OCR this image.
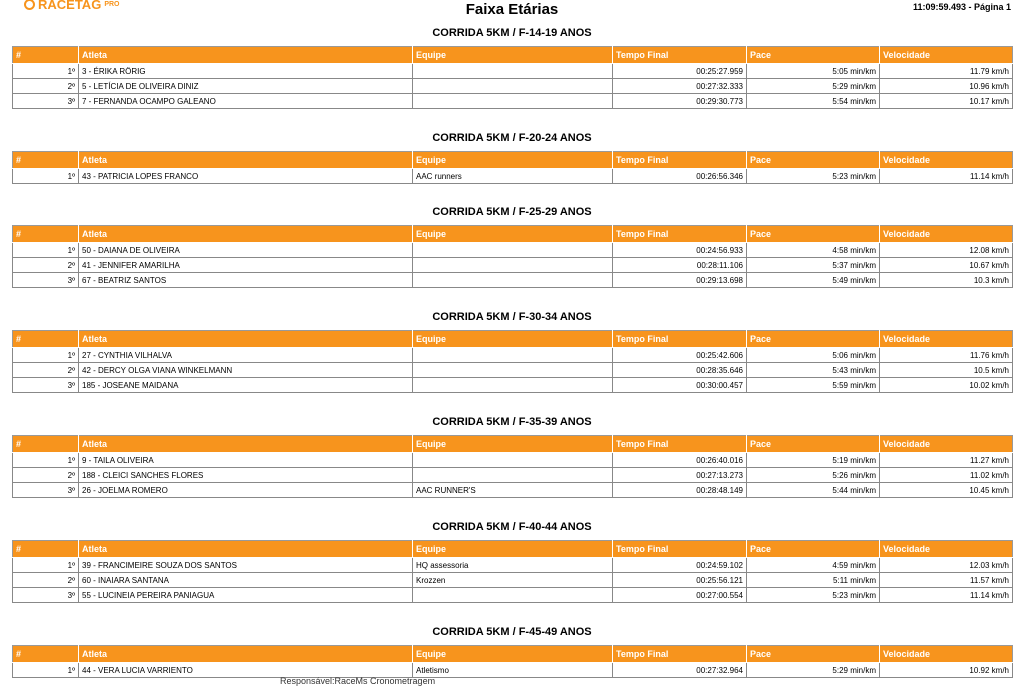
RACETAG PRO	Faixa Etárias	11:09:59.493 - Página 1
CORRIDA 5KM / F-14-19 ANOS
#	Atleta	Equipe	Tempo Final	Pace	Velocidade
1º	3 - ÉRIKA RÖRIG		00:25:27.959	5:05 min/km	11.79 km/h
2º	5 - LETÍCIA DE OLIVEIRA DINIZ		00:27:32.333	5:29 min/km	10.96 km/h
3º	7 - FERNANDA OCAMPO GALEANO		00:29:30.773	5:54 min/km	10.17 km/h
CORRIDA 5KM / F-20-24 ANOS
#	Atleta	Equipe	Tempo Final	Pace	Velocidade
1º	43 - PATRICIA LOPES FRANCO	AAC runners	00:26:56.346	5:23 min/km	11.14 km/h
CORRIDA 5KM / F-25-29 ANOS
#	Atleta	Equipe	Tempo Final	Pace	Velocidade
1º	50 - DAIANA DE OLIVEIRA		00:24:56.933	4:58 min/km	12.08 km/h
2º	41 - JENNIFER AMARILHA		00:28:11.106	5:37 min/km	10.67 km/h
3º	67 - BEATRIZ SANTOS		00:29:13.698	5:49 min/km	10.3 km/h
CORRIDA 5KM / F-30-34 ANOS
#	Atleta	Equipe	Tempo Final	Pace	Velocidade
1º	27 - CYNTHIA VILHALVA		00:25:42.606	5:06 min/km	11.76 km/h
2º	42 - DERCY OLGA VIANA WINKELMANN		00:28:35.646	5:43 min/km	10.5 km/h
3º	185 - JOSEANE MAIDANA		00:30:00.457	5:59 min/km	10.02 km/h
CORRIDA 5KM / F-35-39 ANOS
#	Atleta	Equipe	Tempo Final	Pace	Velocidade
1º	9 - TAILA OLIVEIRA		00:26:40.016	5:19 min/km	11.27 km/h
2º	188 - CLEICI SANCHES FLORES		00:27:13.273	5:26 min/km	11.02 km/h
3º	26 - JOELMA ROMERO	AAC RUNNER'S	00:28:48.149	5:44 min/km	10.45 km/h
CORRIDA 5KM / F-40-44 ANOS
#	Atleta	Equipe	Tempo Final	Pace	Velocidade
1º	39 - FRANCIMEIRE SOUZA DOS SANTOS	HQ assessoria	00:24:59.102	4:59 min/km	12.03 km/h
2º	60 - INAIARA SANTANA	Krozzen	00:25:56.121	5:11 min/km	11.57 km/h
3º	55 - LUCINEIA PEREIRA PANIAGUA		00:27:00.554	5:23 min/km	11.14 km/h
CORRIDA 5KM / F-45-49 ANOS
#	Atleta	Equipe	Tempo Final	Pace	Velocidade
1º	44 - VERA LUCIA VARRIENTO	Atletismo	00:27:32.964	5:29 min/km	10.92 km/h
Responsável:RaceMs Cronometragem
